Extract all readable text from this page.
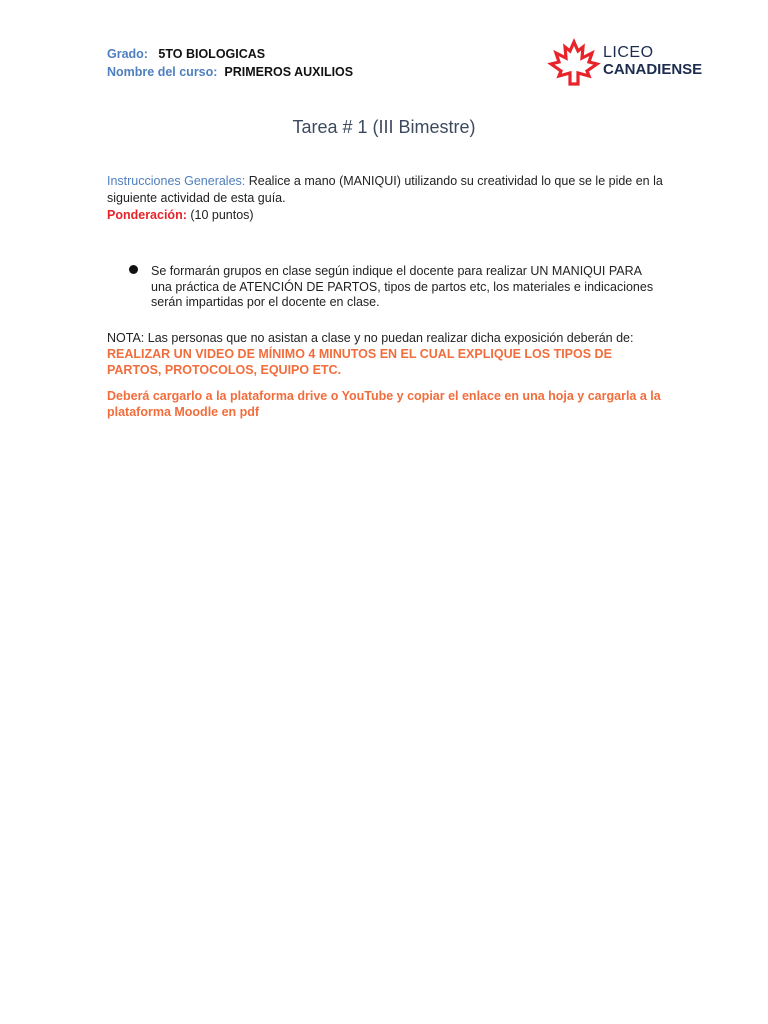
Grado: 5TO BIOLOGICAS
Nombre del curso: PRIMEROS AUXILIOS
LICEO
CANADIENSE
Tarea # 1 (III Bimestre)
Instrucciones Generales: Realice a mano (MANIQUI) utilizando su creatividad lo que se le pide en la siguiente actividad de esta guía.
Ponderación: (10 puntos)
Se formarán grupos en clase según indique el docente para realizar UN MANIQUI PARA
una práctica de ATENCIÓN DE PARTOS, tipos de partos etc, los materiales e indicaciones serán impartidas por el docente en clase.
NOTA: Las personas que no asistan a clase y no puedan realizar dicha exposición deberán de:
REALIZAR UN VIDEO DE MÍNIMO 4 MINUTOS EN EL CUAL EXPLIQUE LOS TIPOS DE PARTOS, PROTOCOLOS, EQUIPO ETC.
Deberá cargarlo a la plataforma drive o YouTube y copiar el enlace en una hoja y cargarla a la plataforma Moodle en pdf
